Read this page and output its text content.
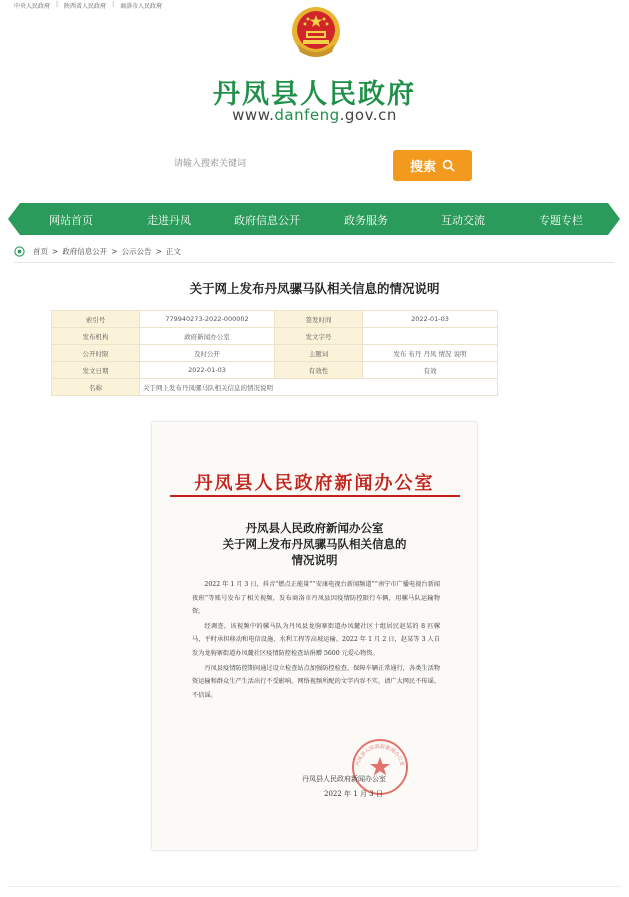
中央人民政府 | 陕西省人民政府 | 商洛市人民政府
丹凤县人民政府
www.danfeng.gov.cn
请输入搜索关键词
搜索
网站首页	走进丹凤	政府信息公开	政务服务	互动交流	专题专栏
首页 > 政府信息公开 > 公示公告 > 正文
关于网上发布丹凤骡马队相关信息的情况说明
索引号	779940273-2022-000002	签发时间	2022-01-03
发布机构	政府新闻办公室	发文字号	
公开时限	及时公开	主题词	发布 布丹 丹凤 情况 说明
发文日期	2022-01-03	有效性	有效
名称	关于网上发布丹凤骡马队相关信息的情况说明		
丹凤县人民政府新闻办公室
丹凤县人民政府新闻办公室
关于网上发布丹凤骡马队相关信息的
情况说明

2022 年 1 月 3 日，抖音“燃点正能量”“安康电视台新闻频道”“南宁市广播电视台新闻夜班”等账号发布了相关视频，发布商洛市丹凤县因疫情防控限行车辆，用骡马队运输物资。

经调查，该视频中的骡马队为丹凤县龙驹寨街道办凤麓社区十组居民赵某的 8 匹骡马，平时承担移动和电信设施、水利工程等高坡运输。2022 年 1 月 2 日，赵某等 3 人自发为龙驹寨街道办凤麓社区疫情防控检查站捐赠 5600 元爱心物资。

丹凤县疫情防控期间通过设立检查站点加强防控检查，保障车辆正常通行，各类生活物资运输和群众生产生活出行不受影响。网络视频所配的文字内容不实，请广大网民不传谣、不信谣。

丹凤县人民政府新闻办公室
丹凤县人民政府新闻办公室
2022 年 1 月 3 日
